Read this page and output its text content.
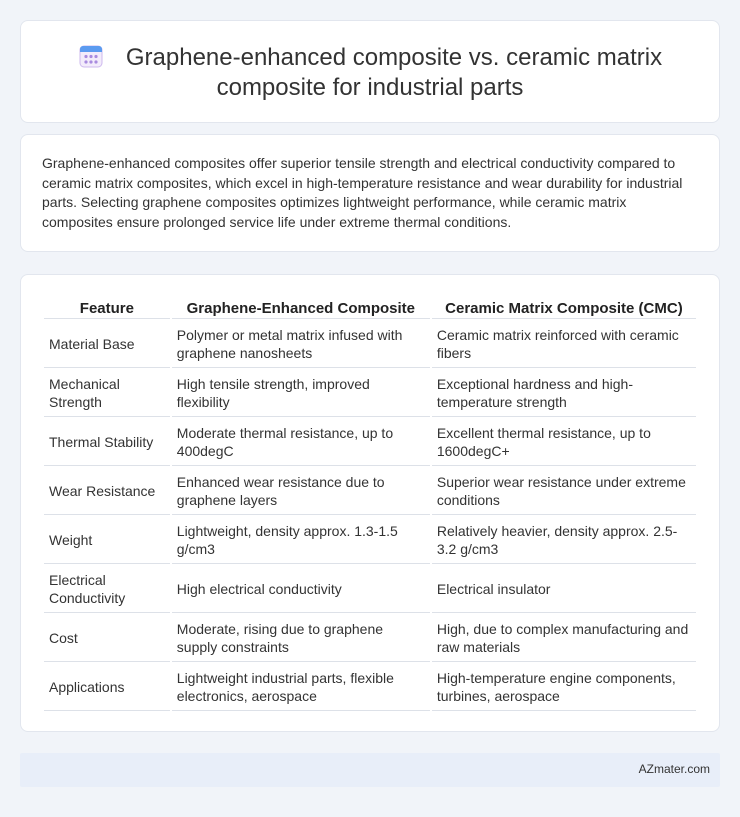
Graphene-enhanced composite vs. ceramic matrix composite for industrial parts

Graphene-enhanced composites offer superior tensile strength and electrical conductivity compared to ceramic matrix composites, which excel in high-temperature resistance and wear durability for industrial parts. Selecting graphene composites optimizes lightweight performance, while ceramic matrix composites ensure prolonged service life under extreme thermal conditions.

Feature	Graphene-Enhanced Composite	Ceramic Matrix Composite (CMC)
Material Base	Polymer or metal matrix infused with graphene nanosheets	Ceramic matrix reinforced with ceramic fibers
Mechanical Strength	High tensile strength, improved flexibility	Exceptional hardness and high-temperature strength
Thermal Stability	Moderate thermal resistance, up to 400degC	Excellent thermal resistance, up to 1600degC+
Wear Resistance	Enhanced wear resistance due to graphene layers	Superior wear resistance under extreme conditions
Weight	Lightweight, density approx. 1.3-1.5 g/cm3	Relatively heavier, density approx. 2.5-3.2 g/cm3
Electrical Conductivity	High electrical conductivity	Electrical insulator
Cost	Moderate, rising due to graphene supply constraints	High, due to complex manufacturing and raw materials
Applications	Lightweight industrial parts, flexible electronics, aerospace	High-temperature engine components, turbines, aerospace
AZmater.com
